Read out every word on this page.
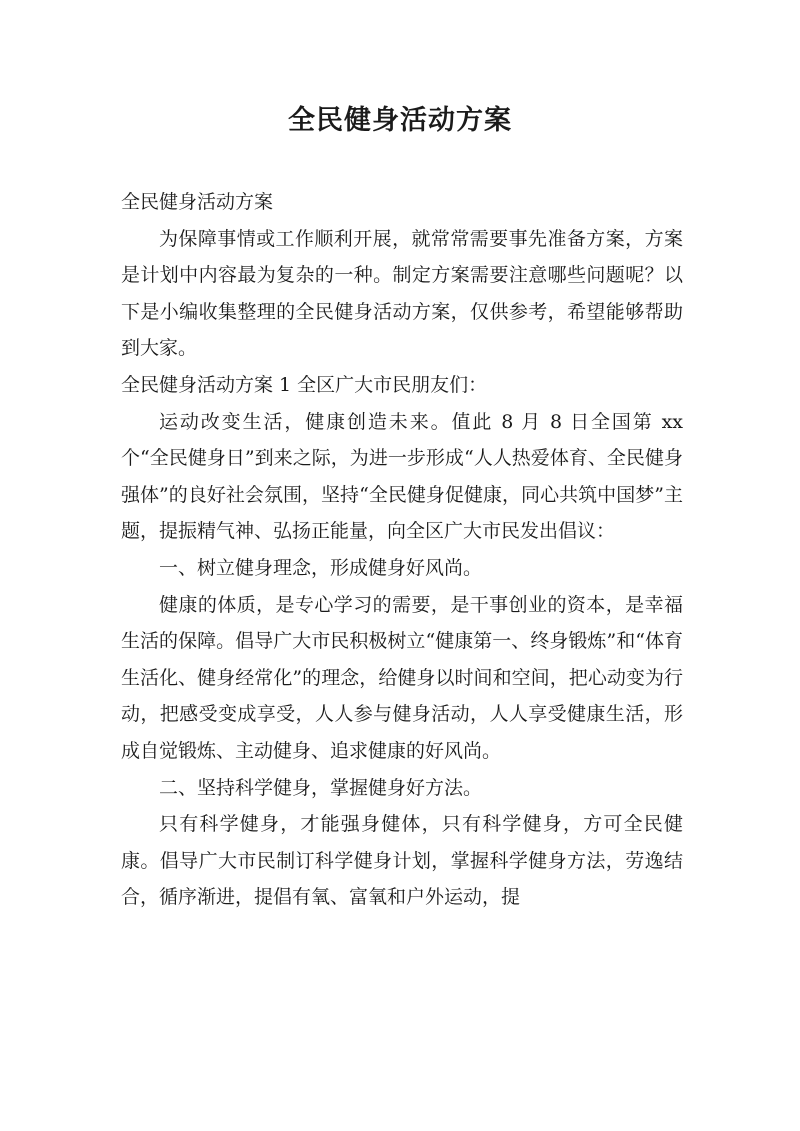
全民健身活动方案

全民健身活动方案

为保障事情或工作顺利开展，就常常需要事先准备方案，方案是计划中内容最为复杂的一种。制定方案需要注意哪些问题呢？以下是小编收集整理的全民健身活动方案，仅供参考，希望能够帮助到大家。

全民健身活动方案 1 全区广大市民朋友们：

运动改变生活，健康创造未来。值此 8 月 8 日全国第 xx 个“全民健身日”到来之际，为进一步形成“人人热爱体育、全民健身强体”的良好社会氛围，坚持“全民健身促健康，同心共筑中国梦”主题，提振精气神、弘扬正能量，向全区广大市民发出倡议：

一、树立健身理念，形成健身好风尚。

健康的体质，是专心学习的需要，是干事创业的资本，是幸福生活的保障。倡导广大市民积极树立“健康第一、终身锻炼”和“体育生活化、健身经常化”的理念，给健身以时间和空间，把心动变为行动，把感受变成享受，人人参与健身活动，人人享受健康生活，形成自觉锻炼、主动健身、追求健康的好风尚。

二、坚持科学健身，掌握健身好方法。

只有科学健身，才能强身健体，只有科学健身，方可全民健康。倡导广大市民制订科学健身计划，掌握科学健身方法，劳逸结合，循序渐进，提倡有氧、富氧和户外运动，提
